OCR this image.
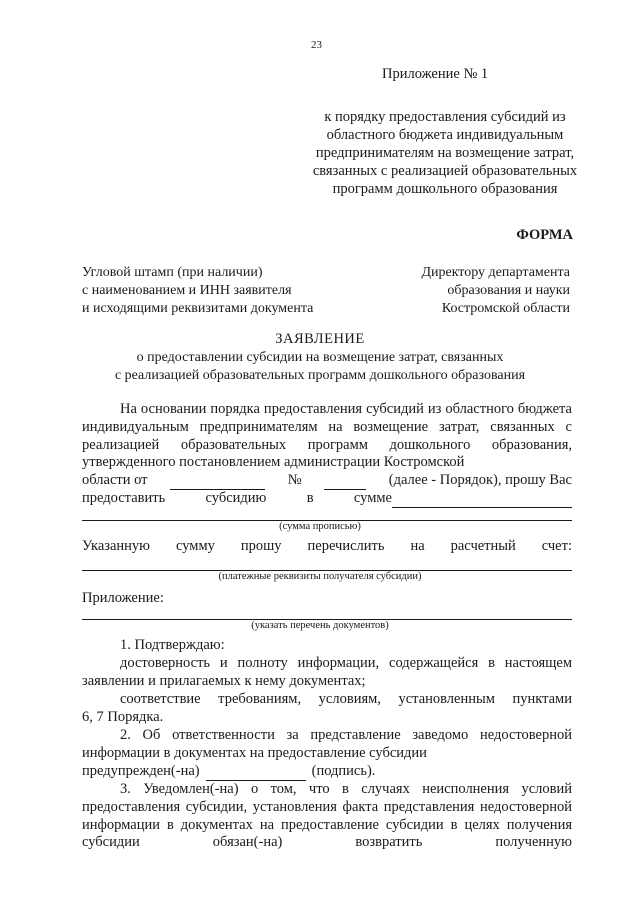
23
Приложение № 1
к порядку предоставления субсидий из областного бюджета индивидуальным предпринимателям на возмещение затрат, связанных с реализацией образовательных программ дошкольного образования
ФОРМА
Угловой штамп (при наличии)
с наименованием и ИНН заявителя
и исходящими реквизитами документа
Директору департамента
образования и науки
Костромской области
ЗАЯВЛЕНИЕ
о предоставлении субсидии на возмещение затрат, связанных
с реализацией образовательных программ дошкольного образования
На основании порядка предоставления субсидий из областного бюджета индивидуальным предпринимателям на возмещение затрат, связанных с реализацией образовательных программ дошкольного образования, утвержденного постановлением администрации Костромской
области от	№	(далее - Порядок), прошу Вас
предоставить	субсидию	в	сумме
(сумма прописью)
Указанную сумму прошу перечислить на расчетный счет:
(платежные реквизиты получателя субсидии)
Приложение:
(указать перечень документов)
1. Подтверждаю:
достоверность и полноту информации, содержащейся в настоящем заявлении и прилагаемых к нему документах;
соответствие требованиям, условиям, установленным пунктами
6, 7 Порядка.
2. Об ответственности за представление заведомо недостоверной информации в документах на предоставление субсидии
предупрежден(-на)	(подпись).
3. Уведомлен(-на) о том, что в случаях неисполнения условий предоставления субсидии, установления факта представления недостоверной информации в документах на предоставление субсидии в целях получения субсидии обязан(-на) возвратить полученную
